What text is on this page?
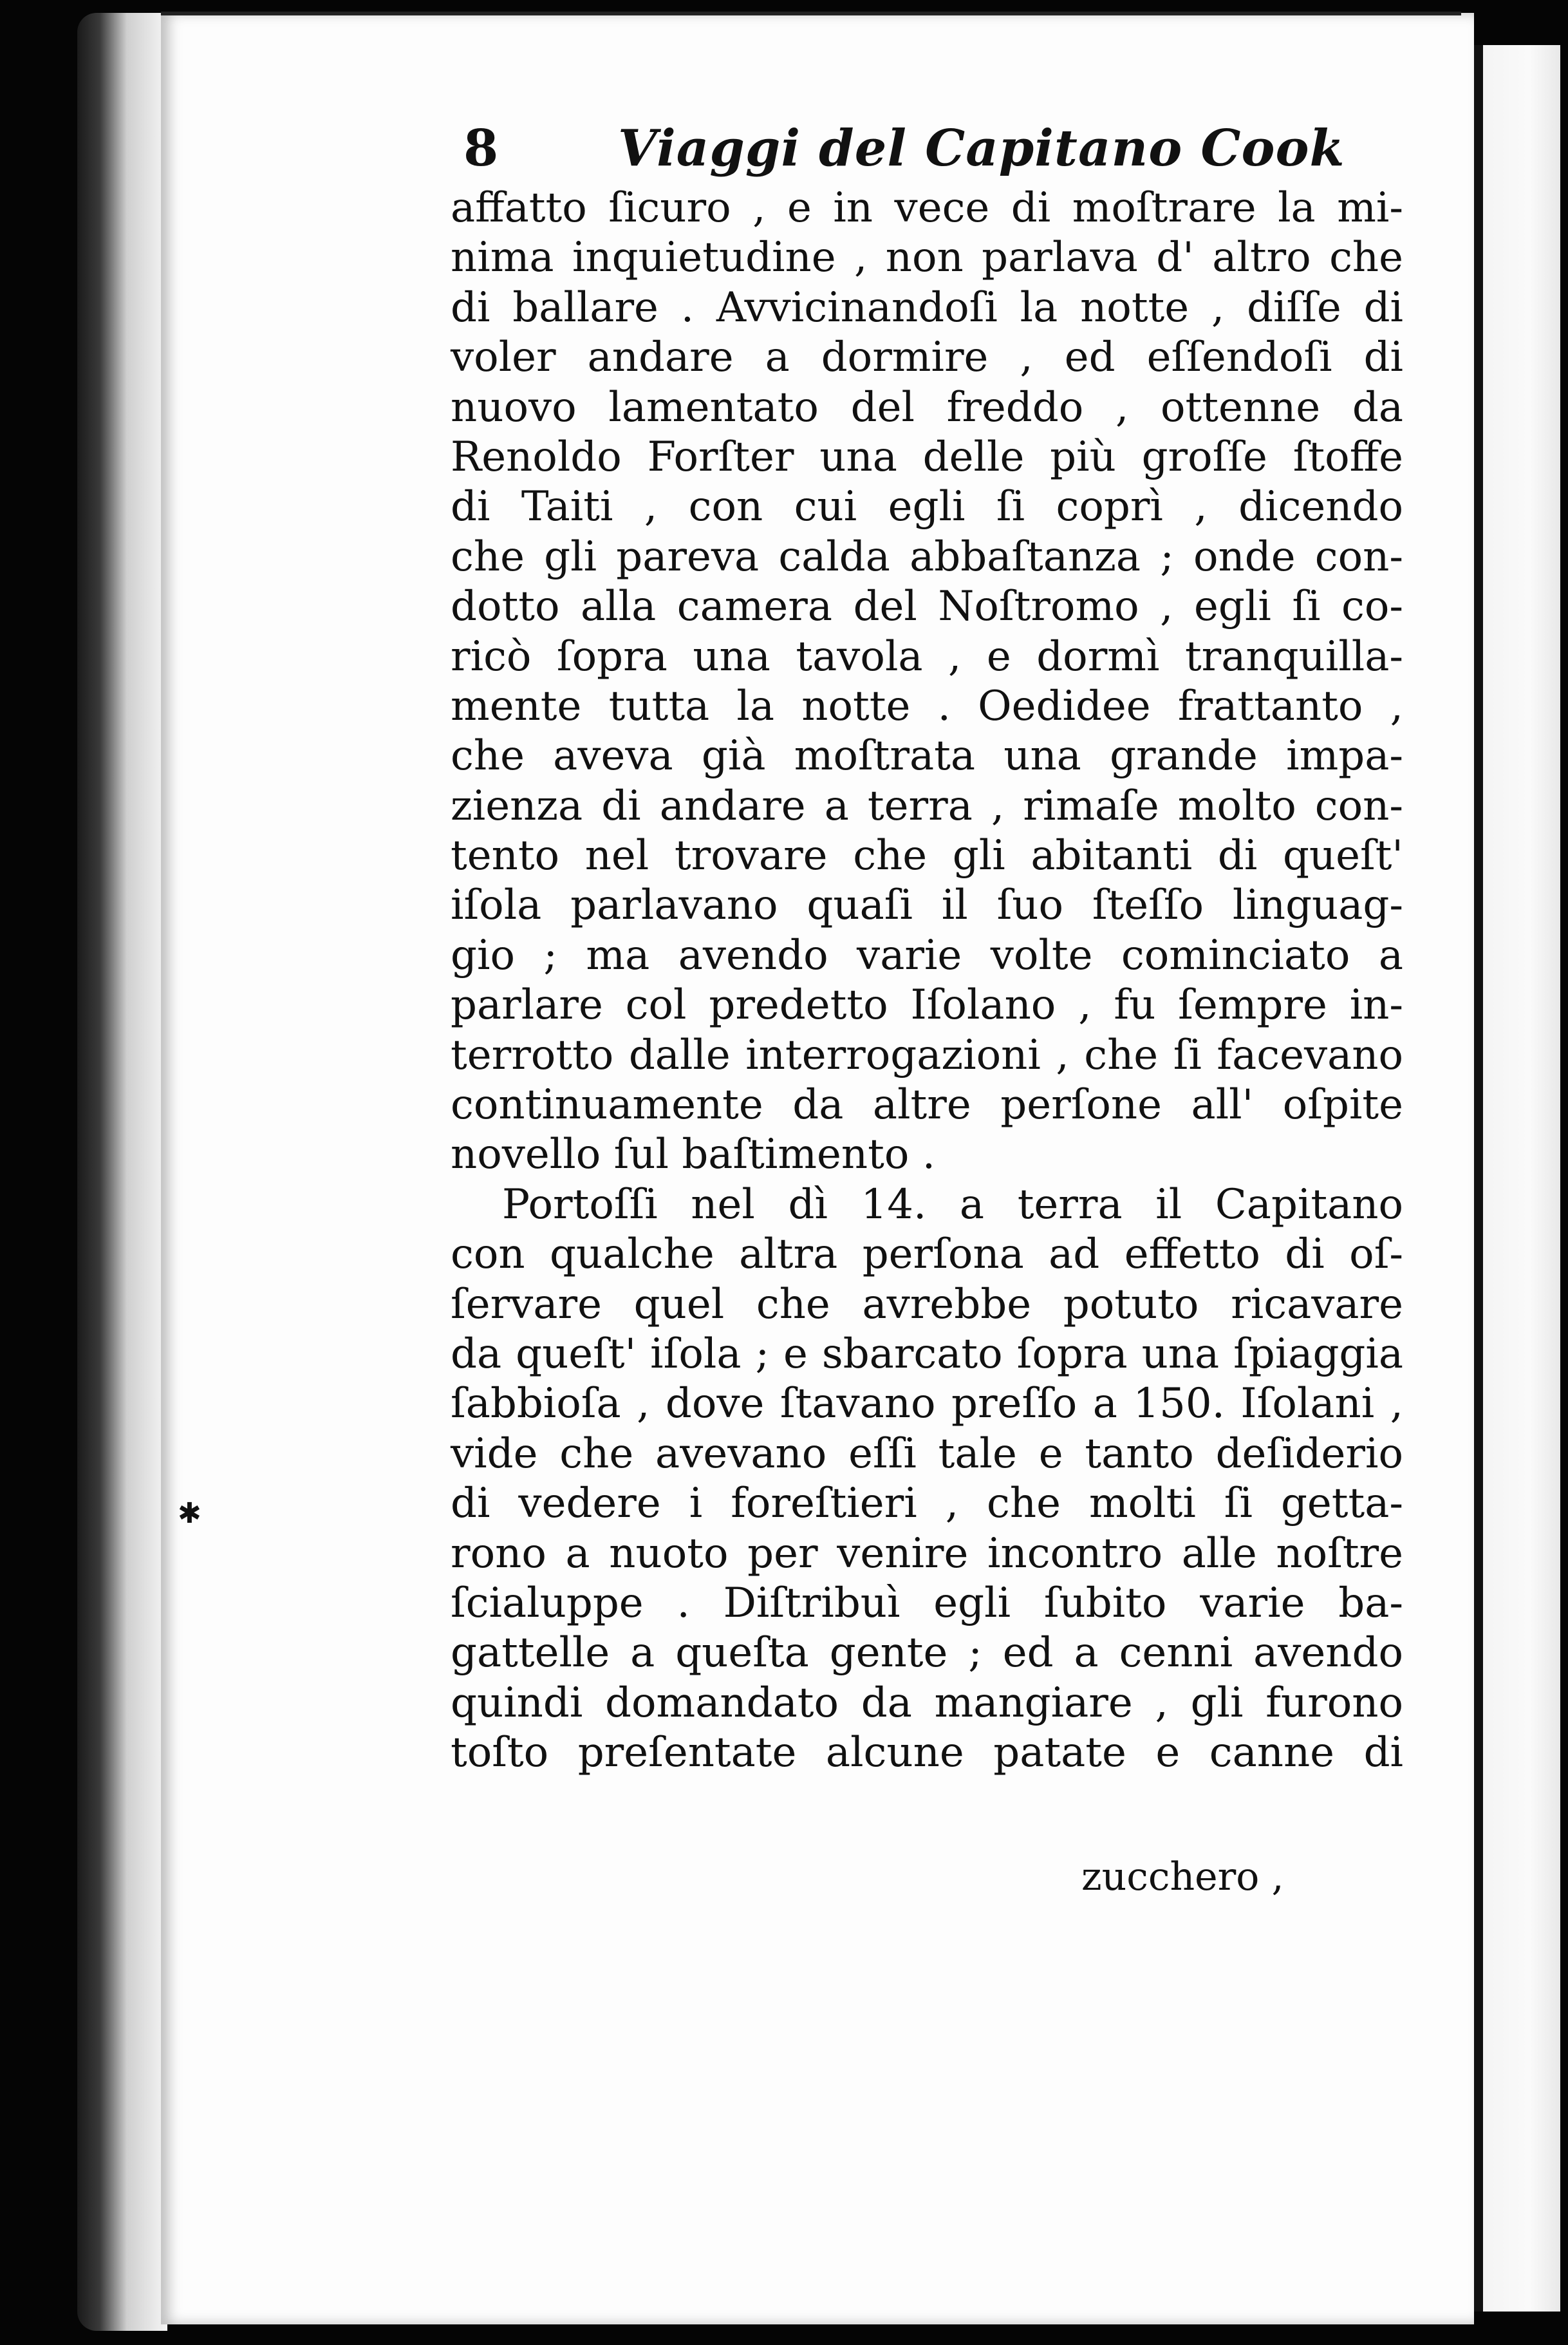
8 Viaggi del Capitano Cook
✱
affatto ſicuro , e in vece di moſtrare la mi-
nima inquietudine , non parlava d' altro che
di ballare . Avvicinandoſi la notte , diſſe di
voler andare a dormire , ed eſſendoſi di
nuovo lamentato del freddo , ottenne da
Renoldo Forſter una delle più groſſe ſtoffe
di Taiti , con cui egli ſi coprì , dicendo
che gli pareva calda abbaſtanza ; onde con-
dotto alla camera del Noſtromo , egli ſi co-
ricò ſopra una tavola , e dormì tranquilla-
mente tutta la notte . Oedidee frattanto ,
che aveva già moſtrata una grande impa-
zienza di andare a terra , rimaſe molto con-
tento nel trovare che gli abitanti di queſt'
iſola parlavano quaſi il ſuo ſteſſo linguag-
gio ; ma avendo varie volte cominciato a
parlare col predetto Iſolano , fu ſempre in-
terrotto dalle interrogazioni , che ſi facevano
continuamente da altre perſone all' oſpite
novello ſul baſtimento .
Portoſſi nel dì 14. a terra il Capitano
con qualche altra perſona ad effetto di oſ-
ſervare quel che avrebbe potuto ricavare
da queſt' iſola ; e sbarcato ſopra una ſpiaggia
ſabbioſa , dove ſtavano preſſo a 150. Iſolani ,
vide che avevano eſſi tale e tanto deſiderio
di vedere i foreſtieri , che molti ſi getta-
rono a nuoto per venire incontro alle noſtre
ſcialuppe . Diſtribuì egli ſubito varie ba-
gattelle a queſta gente ; ed a cenni avendo
quindi domandato da mangiare , gli furono
toſto preſentate alcune patate e canne di
zucchero ,
